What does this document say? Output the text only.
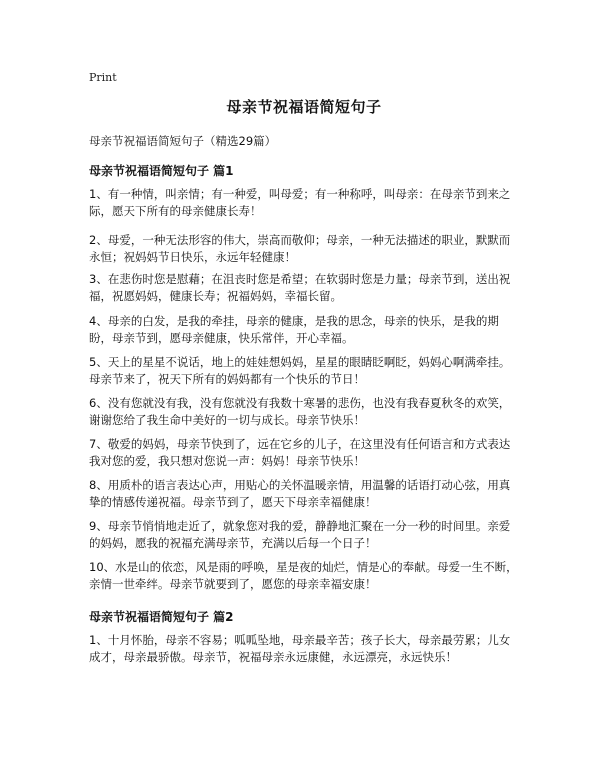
Print
母亲节祝福语简短句子
母亲节祝福语简短句子（精选29篇）
母亲节祝福语简短句子 篇1

1、有一种情，叫亲情；有一种爱，叫母爱；有一种称呼，叫母亲：在母亲节到来之际，愿天下所有的母亲健康长寿！

2、母爱，一种无法形容的伟大，崇高而敬仰；母亲，一种无法描述的职业，默默而永恒；祝妈妈节日快乐，永远年轻健康！

3、在悲伤时您是慰藉；在沮丧时您是希望；在软弱时您是力量；母亲节到，送出祝福，祝愿妈妈，健康长寿；祝福妈妈，幸福长留。

4、母亲的白发，是我的牵挂，母亲的健康，是我的思念，母亲的快乐，是我的期盼，母亲节到，愿母亲健康，快乐常伴，开心幸福。

5、天上的星星不说话，地上的娃娃想妈妈，星星的眼睛眨啊眨，妈妈心啊满牵挂。母亲节来了，祝天下所有的妈妈都有一个快乐的节日！

6、没有您就没有我，没有您就没有我数十寒暑的悲伤，也没有我春夏秋冬的欢笑，谢谢您给了我生命中美好的一切与成长。母亲节快乐！

7、敬爱的妈妈，母亲节快到了，远在它乡的儿子，在这里没有任何语言和方式表达我对您的爱，我只想对您说一声：妈妈！母亲节快乐！

8、用质朴的语言表达心声，用贴心的关怀温暖亲情，用温馨的话语打动心弦，用真挚的情感传递祝福。母亲节到了，愿天下母亲幸福健康！

9、母亲节悄悄地走近了，就象您对我的爱，静静地汇聚在一分一秒的时间里。亲爱的妈妈，愿我的祝福充满母亲节，充满以后每一个日子！

10、水是山的依恋，风是雨的呼唤，星是夜的灿烂，情是心的奉献。母爱一生不断，亲情一世牵绊。母亲节就要到了，愿您的母亲幸福安康！

母亲节祝福语简短句子 篇2

1、十月怀胎，母亲不容易；呱呱坠地，母亲最辛苦；孩子长大，母亲最劳累；儿女成才，母亲最骄傲。母亲节，祝福母亲永远康健，永远漂亮，永远快乐！
